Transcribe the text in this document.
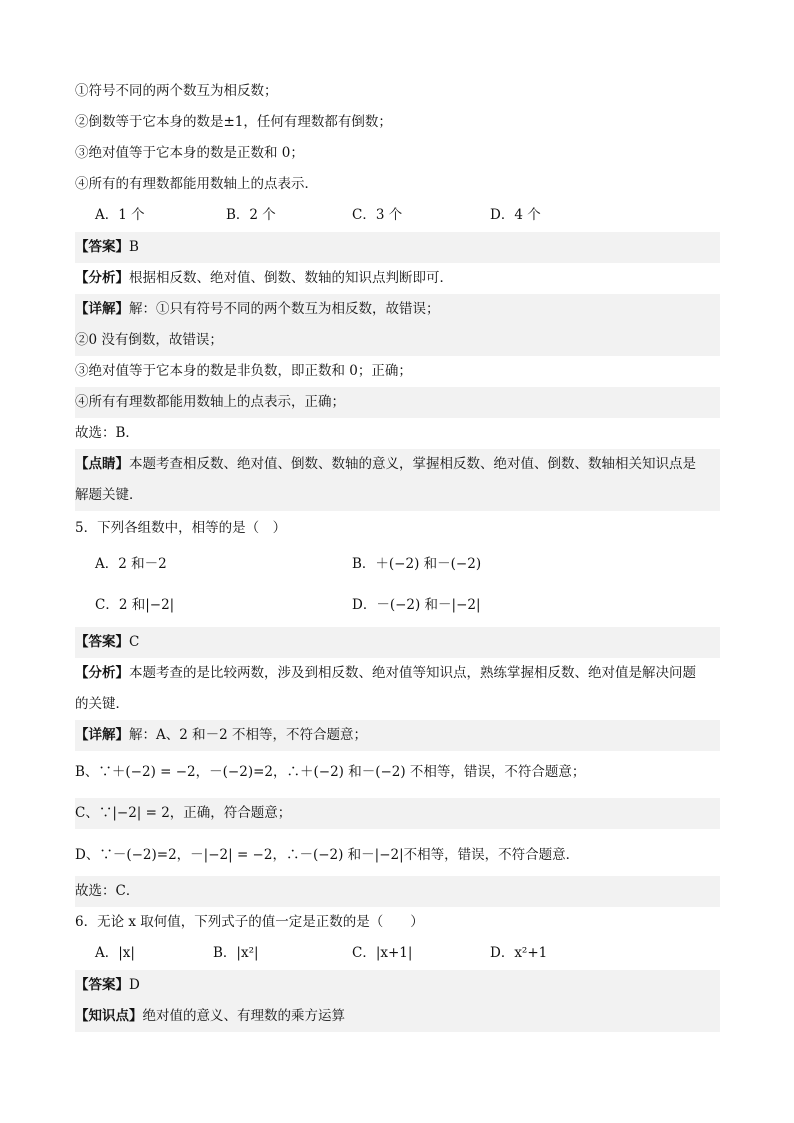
①符号不同的两个数互为相反数；
②倒数等于它本身的数是±1，任何有理数都有倒数；
③绝对值等于它本身的数是正数和 0；
④所有的有理数都能用数轴上的点表示．
A．1 个	B．2 个	C．3 个	D．4 个
【答案】B
【分析】根据相反数、绝对值、倒数、数轴的知识点判断即可．
【详解】解：①只有符号不同的两个数互为相反数，故错误；
②0 没有倒数，故错误；
③绝对值等于它本身的数是非负数，即正数和 0；正确；
④所有有理数都能用数轴上的点表示，正确；
故选：B．
【点睛】本题考查相反数、绝对值、倒数、数轴的意义，掌握相反数、绝对值、倒数、数轴相关知识点是
解题关键．
5．下列各组数中，相等的是（　）
A．2 和－2	B．＋(−2) 和－(−2)
C．2 和|−2|	D．－(−2) 和－|−2|
【答案】C
【分析】本题考查的是比较两数，涉及到相反数、绝对值等知识点，熟练掌握相反数、绝对值是解决问题
的关键．
【详解】解：A、2 和－2 不相等，不符合题意；
B、∵＋(−2) = −2，－(−2)=2，∴＋(−2) 和－(−2) 不相等，错误，不符合题意；
C、∵|−2| = 2，正确，符合题意；
D、∵－(−2)=2，－|−2| = −2，∴－(−2) 和－|−2|不相等，错误，不符合题意．
故选：C．
6．无论 x 取何值，下列式子的值一定是正数的是（　　）
A．|x|	B．|x²|	C．|x+1|	D．x²+1
【答案】D
【知识点】绝对值的意义、有理数的乘方运算
